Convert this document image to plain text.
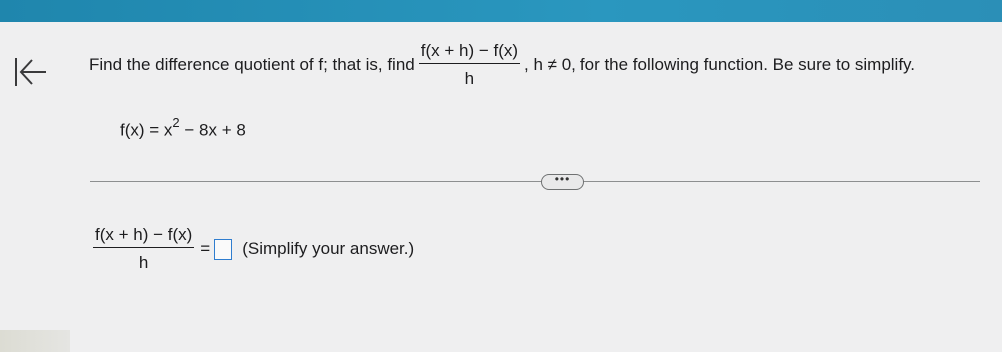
Find the difference quotient of f; that is, find $\frac{f(x + h) - f(x)}{h}$ , h ≠ 0, for the following function. Be sure to simplify.
$f(x) = x^2 - 8x + 8$
•••
$\frac{f(x + h) - f(x)}{h}$ = (Simplify your answer.)
